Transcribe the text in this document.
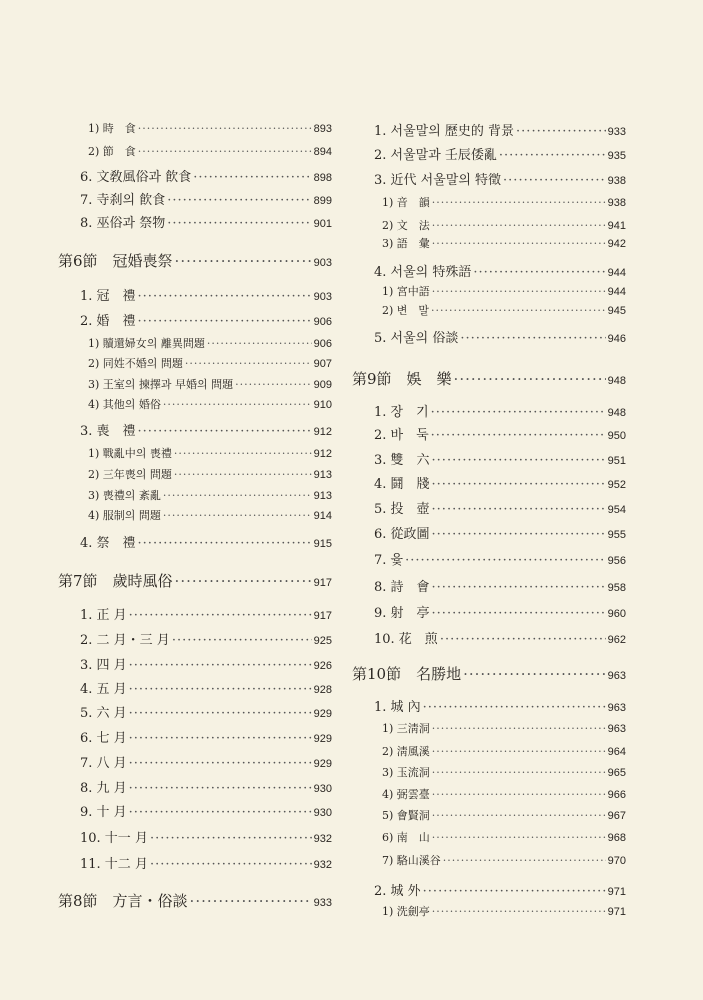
1) 時　食 ·····	893
2) 節　食 ·····	894
6. 文敎風俗과 飮食 ·····	898
7. 寺刹의 飮食 ·····	899
8. 巫俗과 祭物 ·····	901
第6節　冠婚喪祭 ·····	903
1. 冠　禮 ·····	903
2. 婚　禮 ·····	906
1) 贖還婦女의 離異問題 ·····	906
2) 同姓不婚의 問題 ·····	907
3) 王室의 揀擇과 早婚의 問題 ·····	909
4) 其他의 婚俗 ·····	910
3. 喪　禮 ·····	912
1) 戰亂中의 喪禮 ·····	912
2) 三年喪의 問題 ·····	913
3) 喪禮의 紊亂 ·····	913
4) 服制의 問題 ·····	914
4. 祭　禮 ·····	915
第7節　歲時風俗 ·····	917
1. 正 月 ·····	917
2. 二 月・三 月 ·····	925
3. 四 月 ·····	926
4. 五 月 ·····	928
5. 六 月 ·····	929
6. 七 月 ·····	929
7. 八 月 ·····	929
8. 九 月 ·····	930
9. 十 月 ·····	930
10. 十一 月 ·····	932
11. 十二 月 ·····	932
第8節　方言・俗談 ·····	933
1. 서울말의 歷史的 背景 ·····	933
2. 서울말과 壬辰倭亂 ·····	935
3. 近代 서울말의 特徵 ·····	938
1) 音　韻 ·····	938
2) 文　法 ·····	941
3) 語　彙 ·····	942
4. 서울의 特殊語 ·····	944
1) 宮中語 ·····	944
2) 변　말 ·····	945
5. 서울의 俗談 ·····	946
第9節　娛　樂 ·····	948
1. 장　기 ·····	948
2. 바　둑 ·····	950
3. 雙　六 ·····	951
4. 鬪　牋 ·····	952
5. 投　壺 ·····	954
6. 從政圖 ·····	955
7. 윷 ·····	956
8. 詩　會 ·····	958
9. 射　亭 ·····	960
10. 花　煎 ·····	962
第10節　名勝地 ·····	963
1. 城 內 ·····	963
1) 三淸洞 ·····	963
2) 淸風溪 ·····	964
3) 玉流洞 ·····	965
4) 弼雲臺 ·····	966
5) 會賢洞 ·····	967
6) 南　山 ·····	968
7) 駱山溪谷 ·····	970
2. 城 外 ·····	971
1) 洗劍亭 ·····	971
